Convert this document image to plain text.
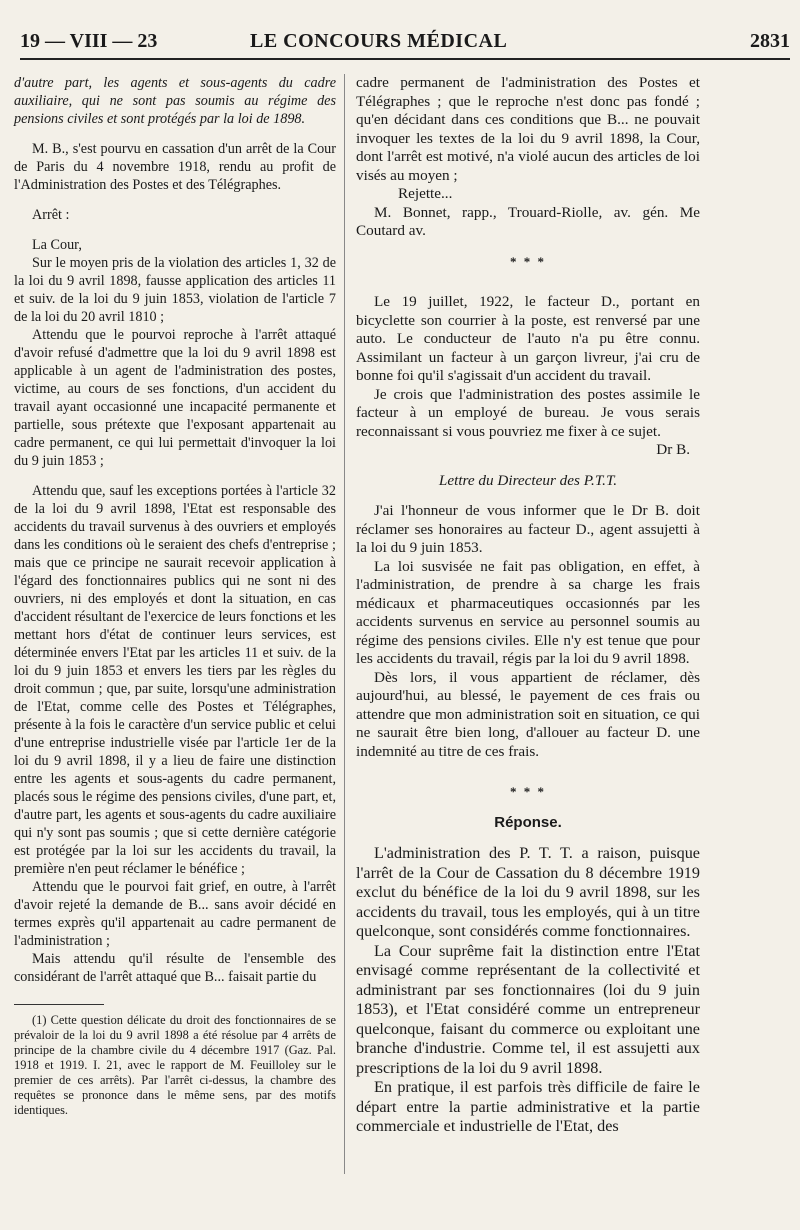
19 — VIII — 23	LE CONCOURS MÉDICAL	2831

d'autre part, les agents et sous-agents du cadre auxiliaire, qui ne sont pas soumis au régime des pensions civiles et sont protégés par la loi de 1898.

M. B., s'est pourvu en cassation d'un arrêt de la Cour de Paris du 4 novembre 1918, rendu au profit de l'Administration des Postes et des Télégraphes.

Arrêt :

La Cour,

Sur le moyen pris de la violation des articles 1, 32 de la loi du 9 avril 1898, fausse application des articles 11 et suiv. de la loi du 9 juin 1853, violation de l'article 7 de la loi du 20 avril 1810 ;

Attendu que le pourvoi reproche à l'arrêt attaqué d'avoir refusé d'admettre que la loi du 9 avril 1898 est applicable à un agent de l'administration des postes, victime, au cours de ses fonctions, d'un accident du travail ayant occasionné une incapacité permanente et partielle, sous prétexte que l'exposant appartenait au cadre permanent, ce qui lui permettait d'invoquer la loi du 9 juin 1853 ;

Attendu que, sauf les exceptions portées à l'article 32 de la loi du 9 avril 1898, l'Etat est responsable des accidents du travail survenus à des ouvriers et employés dans les conditions où le seraient des chefs d'entreprise ; mais que ce principe ne saurait recevoir application à l'égard des fonctionnaires publics qui ne sont ni des ouvriers, ni des employés et dont la situation, en cas d'accident résultant de l'exercice de leurs fonctions et les mettant hors d'état de continuer leurs services, est déterminée envers l'Etat par les articles 11 et suiv. de la loi du 9 juin 1853 et envers les tiers par les règles du droit commun ; que, par suite, lorsqu'une administration de l'Etat, comme celle des Postes et Télégraphes, présente à la fois le caractère d'un service public et celui d'une entreprise industrielle visée par l'article 1er de la loi du 9 avril 1898, il y a lieu de faire une distinction entre les agents et sous-agents du cadre permanent, placés sous le régime des pensions civiles, d'une part, et, d'autre part, les agents et sous-agents du cadre auxiliaire qui n'y sont pas soumis ; que si cette dernière catégorie est protégée par la loi sur les accidents du travail, la première n'en peut réclamer le bénéfice ;

Attendu que le pourvoi fait grief, en outre, à l'arrêt d'avoir rejeté la demande de B... sans avoir décidé en termes exprès qu'il appartenait au cadre permanent de l'administration ;

Mais attendu qu'il résulte de l'ensemble des considérant de l'arrêt attaqué que B... faisait partie du

(1) Cette question délicate du droit des fonctionnaires de se prévaloir de la loi du 9 avril 1898 a été résolue par 4 arrêts de principe de la chambre civile du 4 décembre 1917 (Gaz. Pal. 1918 et 1919. I. 21, avec le rapport de M. Feuilloley sur le premier de ces arrêts). Par l'arrêt ci-dessus, la chambre des requêtes se prononce dans le même sens, par des motifs identiques.

cadre permanent de l'administration des Postes et Télégraphes ; que le reproche n'est donc pas fondé ; qu'en décidant dans ces conditions que B... ne pouvait invoquer les textes de la loi du 9 avril 1898, la Cour, dont l'arrêt est motivé, n'a violé aucun des articles de loi visés au moyen ;

Rejette...

M. Bonnet, rapp., Trouard-Riolle, av. gén. Me Coutard av.

* * *

Le 19 juillet, 1922, le facteur D., portant en bicyclette son courrier à la poste, est renversé par une auto. Le conducteur de l'auto n'a pu être connu. Assimilant un facteur à un garçon livreur, j'ai cru de bonne foi qu'il s'agissait d'un accident du travail.

Je crois que l'administration des postes assimile le facteur à un employé de bureau. Je vous serais reconnaissant si vous pouvriez me fixer à ce sujet.

Dr B.

Lettre du Directeur des P.T.T.

J'ai l'honneur de vous informer que le Dr B. doit réclamer ses honoraires au facteur D., agent assujetti à la loi du 9 juin 1853.

La loi susvisée ne fait pas obligation, en effet, à l'administration, de prendre à sa charge les frais médicaux et pharmaceutiques occasionnés par les accidents survenus en service au personnel soumis au régime des pensions civiles. Elle n'y est tenue que pour les accidents du travail, régis par la loi du 9 avril 1898.

Dès lors, il vous appartient de réclamer, dès aujourd'hui, au blessé, le payement de ces frais ou attendre que mon administration soit en situation, ce qui ne saurait être bien long, d'allouer au facteur D. une indemnité au titre de ces frais.

* * *

Réponse.

L'administration des P. T. T. a raison, puisque l'arrêt de la Cour de Cassation du 8 décembre 1919 exclut du bénéfice de la loi du 9 avril 1898, sur les accidents du travail, tous les employés, qui à un titre quelconque, sont considérés comme fonctionnaires.

La Cour suprême fait la distinction entre l'Etat envisagé comme représentant de la collectivité et administrant par ses fonctionnaires (loi du 9 juin 1853), et l'Etat considéré comme un entrepreneur quelconque, faisant du commerce ou exploitant une branche d'industrie. Comme tel, il est assujetti aux prescriptions de la loi du 9 avril 1898.

En pratique, il est parfois très difficile de faire le départ entre la partie administrative et la partie commerciale et industrielle de l'Etat, des
